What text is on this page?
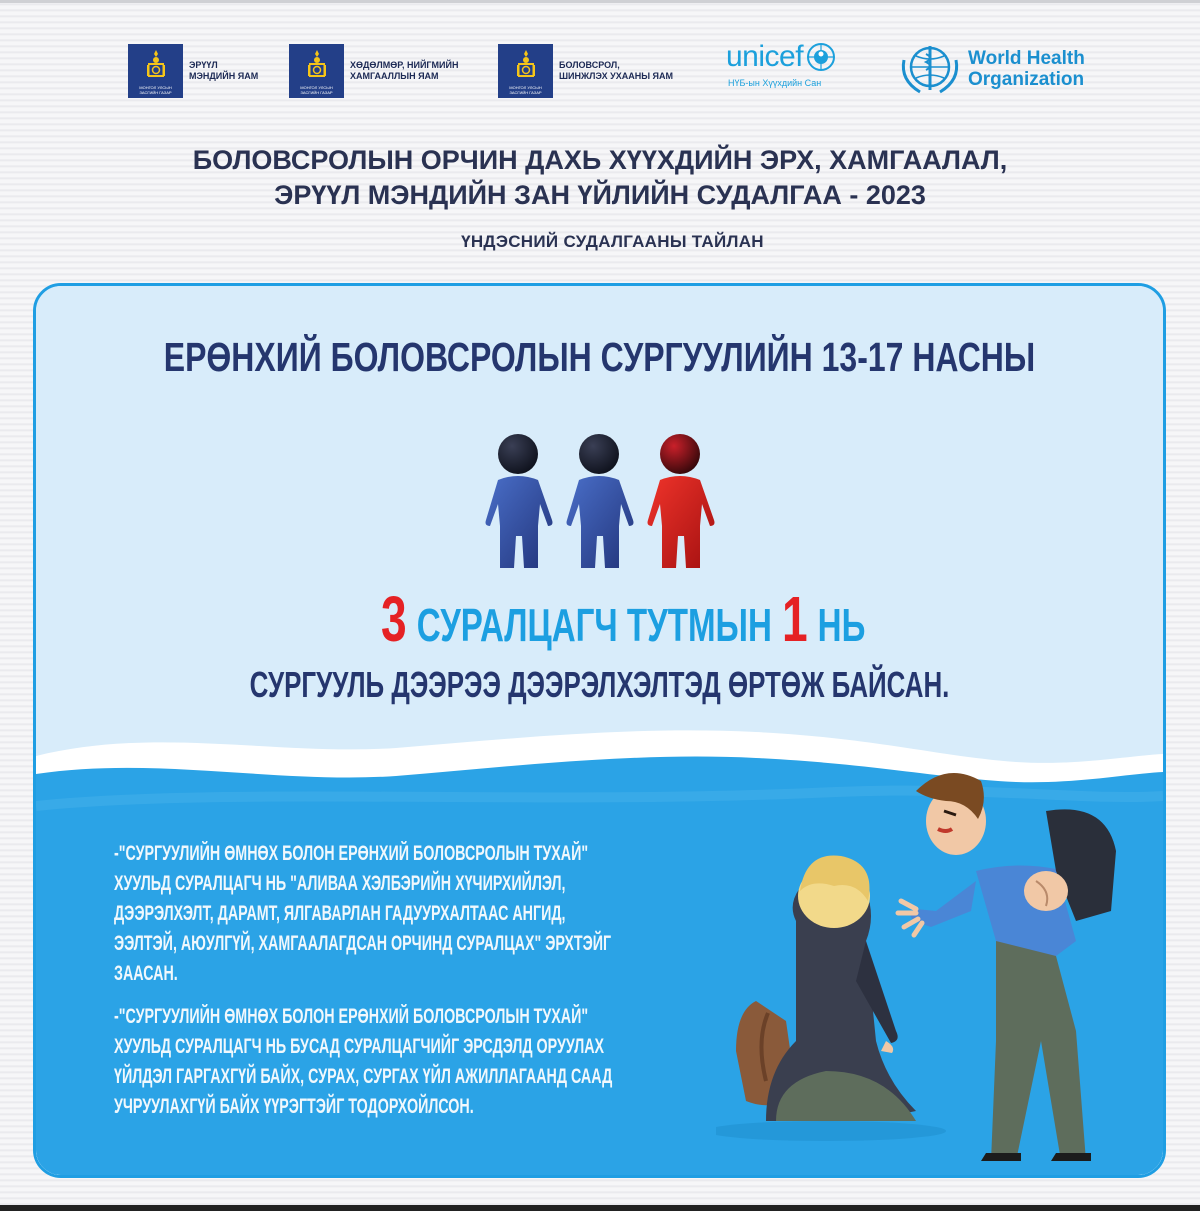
МОНГОЛ УЛСЫН ЗАСГИЙН ГАЗАР
ЭРҮҮЛ
МЭНДИЙН ЯАМ
МОНГОЛ УЛСЫН ЗАСГИЙН ГАЗАР
ХӨДӨЛМӨР, НИЙГМИЙН
ХАМГААЛЛЫН ЯАМ
МОНГОЛ УЛСЫН ЗАСГИЙН ГАЗАР
БОЛОВСРОЛ,
ШИНЖЛЭХ УХААНЫ ЯАМ
unicef
НҮБ-ын Хүүхдийн Сан
World Health
Organization
БОЛОВСРОЛЫН ОРЧИН ДАХЬ ХҮҮХДИЙН ЭРХ, ХАМГААЛАЛ,
ЭРҮҮЛ МЭНДИЙН ЗАН ҮЙЛИЙН СУДАЛГАА - 2023
ҮНДЭСНИЙ СУДАЛГААНЫ ТАЙЛАН
ЕРӨНХИЙ БОЛОВСРОЛЫН СУРГУУЛИЙН 13-17 НАСНЫ
3 СУРАЛЦАГЧ ТУТМЫН 1 НЬ
СУРГУУЛЬ ДЭЭРЭЭ ДЭЭРЭЛХЭЛТЭД ӨРТӨЖ БАЙСАН.
-"СУРГУУЛИЙН ӨМНӨХ БОЛОН ЕРӨНХИЙ БОЛОВСРОЛЫН ТУХАЙ" ХУУЛЬД СУРАЛЦАГЧ НЬ "АЛИВАА ХЭЛБЭРИЙН ХҮЧИРХИЙЛЭЛ, ДЭЭРЭЛХЭЛТ, ДАРАМТ, ЯЛГАВАРЛАН ГАДУУРХАЛТААС АНГИД, ЭЭЛТЭЙ, АЮУЛГҮЙ, ХАМГААЛАГДСАН ОРЧИНД СУРАЛЦАХ" ЭРХТЭЙГ ЗААСАН.
-"СУРГУУЛИЙН ӨМНӨХ БОЛОН ЕРӨНХИЙ БОЛОВСРОЛЫН ТУХАЙ" ХУУЛЬД СУРАЛЦАГЧ НЬ БУСАД СУРАЛЦАГЧИЙГ ЭРСДЭЛД ОРУУЛАХ ҮЙЛДЭЛ ГАРГАХГҮЙ БАЙХ, СУРАХ, СУРГАХ ҮЙЛ АЖИЛЛАГААНД СААД УЧРУУЛАХГҮЙ БАЙХ ҮҮРЭГТЭЙГ ТОДОРХОЙЛСОН.
